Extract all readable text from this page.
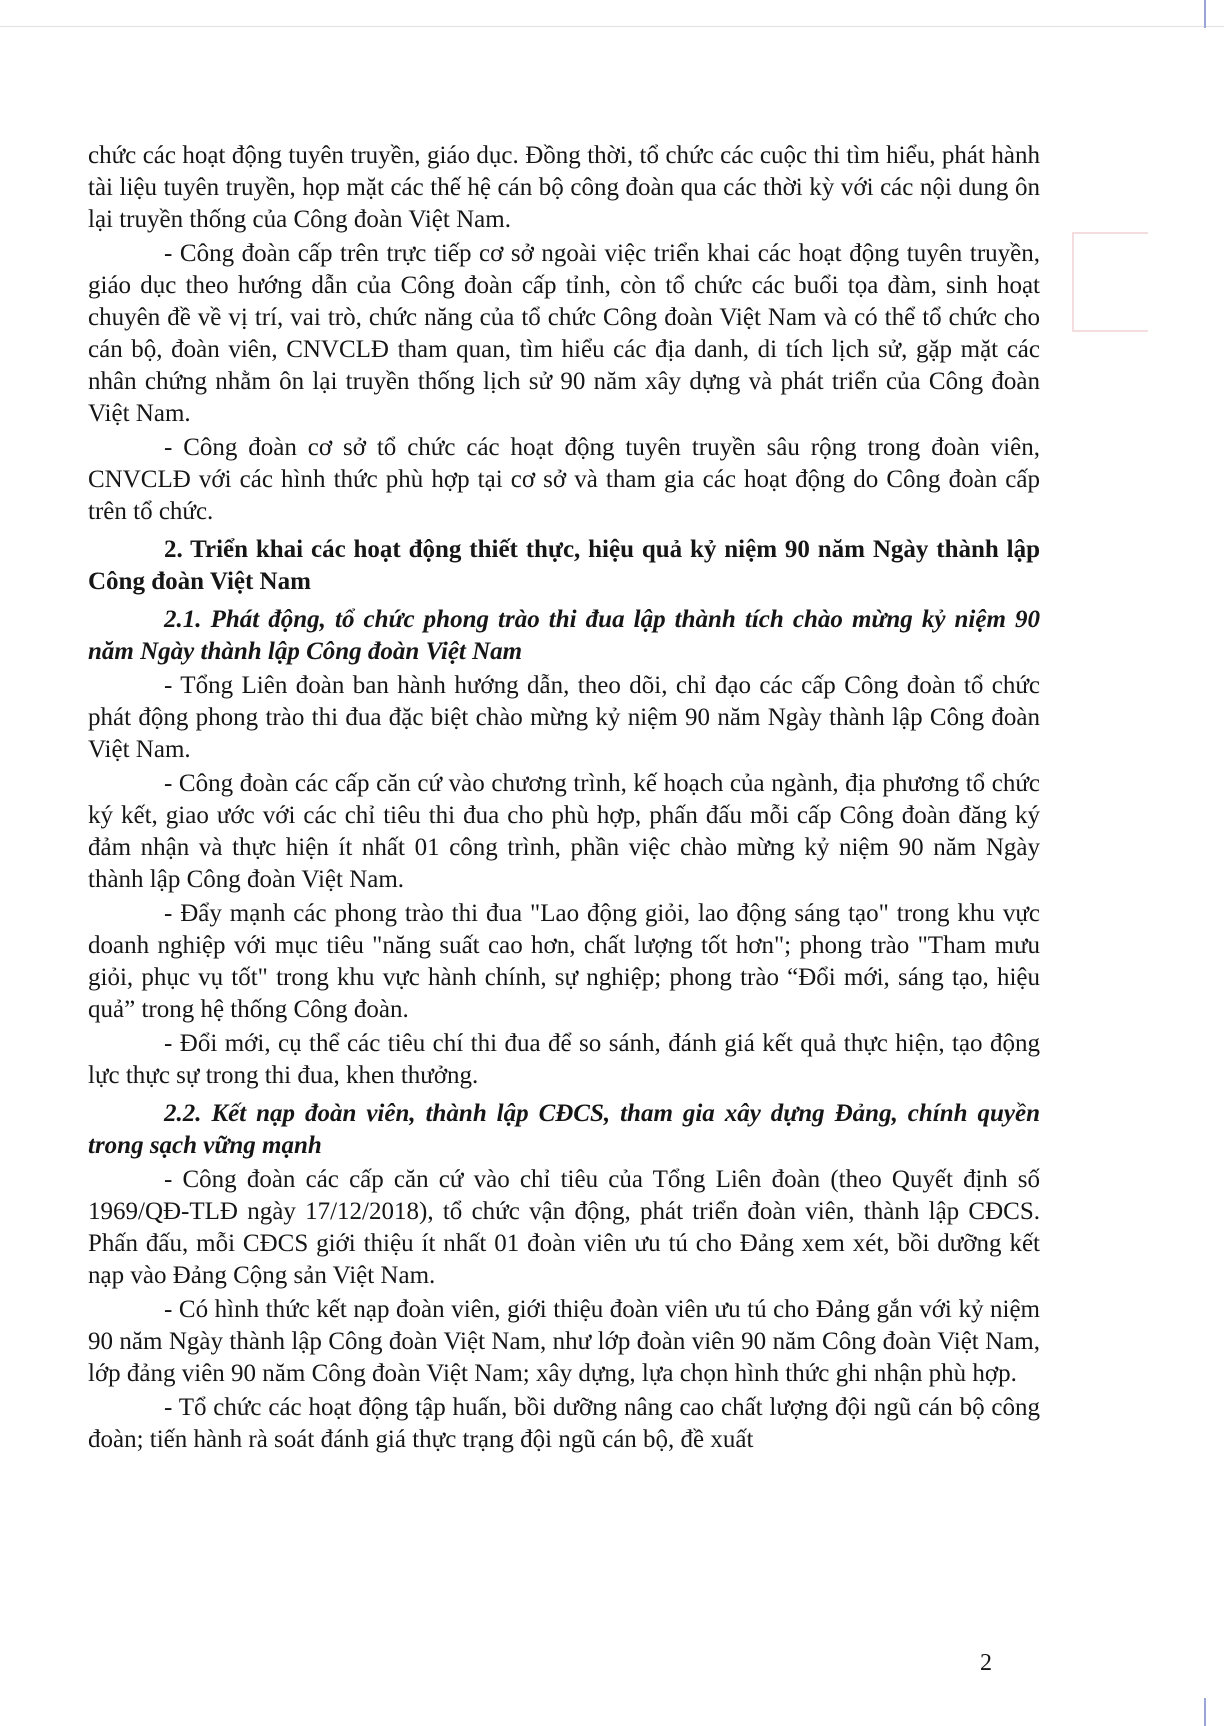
chức các hoạt động tuyên truyền, giáo dục. Đồng thời, tổ chức các cuộc thi tìm hiểu, phát hành tài liệu tuyên truyền, họp mặt các thế hệ cán bộ công đoàn qua các thời kỳ với các nội dung ôn lại truyền thống của Công đoàn Việt Nam.

- Công đoàn cấp trên trực tiếp cơ sở ngoài việc triển khai các hoạt động tuyên truyền, giáo dục theo hướng dẫn của Công đoàn cấp tỉnh, còn tổ chức các buổi tọa đàm, sinh hoạt chuyên đề về vị trí, vai trò, chức năng của tổ chức Công đoàn Việt Nam và có thể tổ chức cho cán bộ, đoàn viên, CNVCLĐ tham quan, tìm hiểu các địa danh, di tích lịch sử, gặp mặt các nhân chứng nhằm ôn lại truyền thống lịch sử 90 năm xây dựng và phát triển của Công đoàn Việt Nam.

- Công đoàn cơ sở tổ chức các hoạt động tuyên truyền sâu rộng trong đoàn viên, CNVCLĐ với các hình thức phù hợp tại cơ sở và tham gia các hoạt động do Công đoàn cấp trên tổ chức.

2. Triển khai các hoạt động thiết thực, hiệu quả kỷ niệm 90 năm Ngày thành lập Công đoàn Việt Nam

2.1. Phát động, tổ chức phong trào thi đua lập thành tích chào mừng kỷ niệm 90 năm Ngày thành lập Công đoàn Việt Nam

- Tổng Liên đoàn ban hành hướng dẫn, theo dõi, chỉ đạo các cấp Công đoàn tổ chức phát động phong trào thi đua đặc biệt chào mừng kỷ niệm 90 năm Ngày thành lập Công đoàn Việt Nam.

- Công đoàn các cấp căn cứ vào chương trình, kế hoạch của ngành, địa phương tổ chức ký kết, giao ước với các chỉ tiêu thi đua cho phù hợp, phấn đấu mỗi cấp Công đoàn đăng ký đảm nhận và thực hiện ít nhất 01 công trình, phần việc chào mừng kỷ niệm 90 năm Ngày thành lập Công đoàn Việt Nam.

- Đẩy mạnh các phong trào thi đua "Lao động giỏi, lao động sáng tạo" trong khu vực doanh nghiệp với mục tiêu "năng suất cao hơn, chất lượng tốt hơn"; phong trào "Tham mưu giỏi, phục vụ tốt" trong khu vực hành chính, sự nghiệp; phong trào “Đổi mới, sáng tạo, hiệu quả” trong hệ thống Công đoàn.

- Đổi mới, cụ thể các tiêu chí thi đua để so sánh, đánh giá kết quả thực hiện, tạo động lực thực sự trong thi đua, khen thưởng.

2.2. Kết nạp đoàn viên, thành lập CĐCS, tham gia xây dựng Đảng, chính quyền trong sạch vững mạnh

- Công đoàn các cấp căn cứ vào chỉ tiêu của Tổng Liên đoàn (theo Quyết định số 1969/QĐ-TLĐ ngày 17/12/2018), tổ chức vận động, phát triển đoàn viên, thành lập CĐCS. Phấn đấu, mỗi CĐCS giới thiệu ít nhất 01 đoàn viên ưu tú cho Đảng xem xét, bồi dưỡng kết nạp vào Đảng Cộng sản Việt Nam.

- Có hình thức kết nạp đoàn viên, giới thiệu đoàn viên ưu tú cho Đảng gắn với kỷ niệm 90 năm Ngày thành lập Công đoàn Việt Nam, như lớp đoàn viên 90 năm Công đoàn Việt Nam, lớp đảng viên 90 năm Công đoàn Việt Nam; xây dựng, lựa chọn hình thức ghi nhận phù hợp.

- Tổ chức các hoạt động tập huấn, bồi dưỡng nâng cao chất lượng đội ngũ cán bộ công đoàn; tiến hành rà soát đánh giá thực trạng đội ngũ cán bộ, đề xuất

2
